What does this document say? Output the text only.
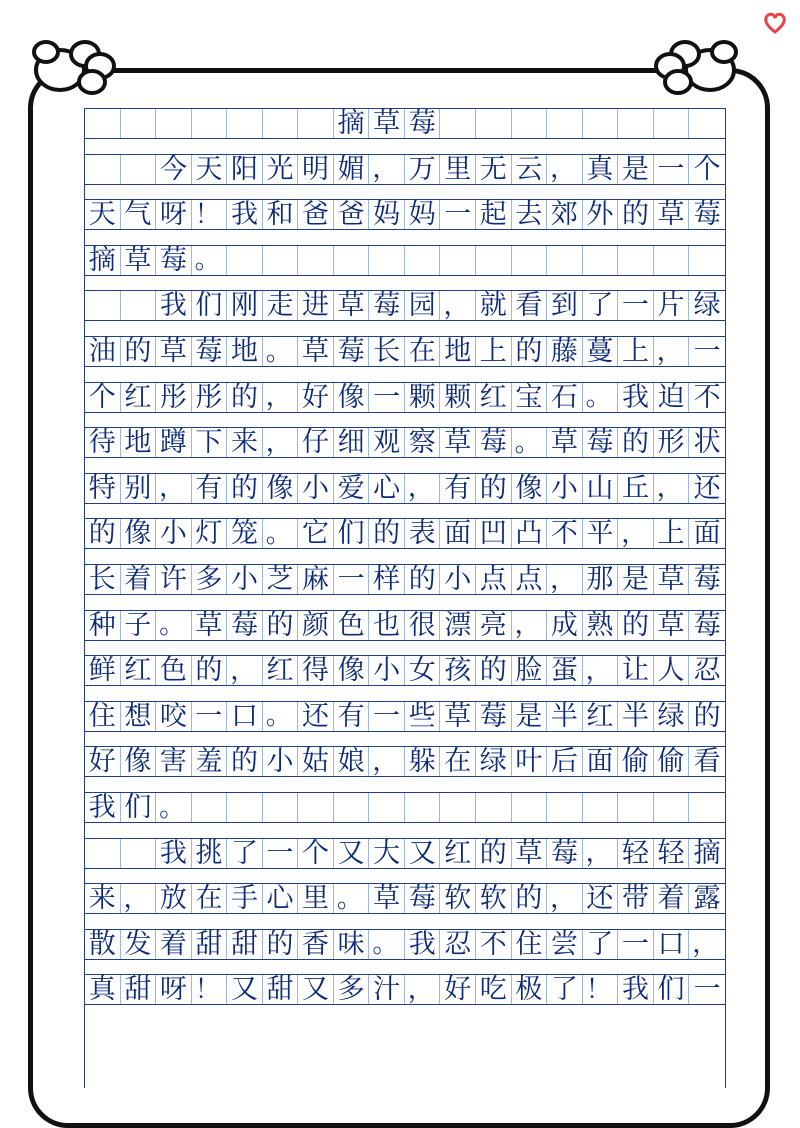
摘 草 莓
今 天 阳 光 明 媚 ， 万 里 无 云 ， 真 是 一 个
天 气 呀 ！ 我 和 爸 爸 妈 妈 一 起 去 郊 外 的 草 莓
摘 草 莓 。
我 们 刚 走 进 草 莓 园 ， 就 看 到 了 一 片 绿
油 的 草 莓 地 。 草 莓 长 在 地 上 的 藤 蔓 上 ， 一
个 红 彤 彤 的 ， 好 像 一 颗 颗 红 宝 石 。 我 迫 不
待 地 蹲 下 来 ， 仔 细 观 察 草 莓 。 草 莓 的 形 状
特 别 ， 有 的 像 小 爱 心 ， 有 的 像 小 山 丘 ， 还
的 像 小 灯 笼 。 它 们 的 表 面 凹 凸 不 平 ， 上 面
长 着 许 多 小 芝 麻 一 样 的 小 点 点 ， 那 是 草 莓
种 子 。 草 莓 的 颜 色 也 很 漂 亮 ， 成 熟 的 草 莓
鲜 红 色 的 ， 红 得 像 小 女 孩 的 脸 蛋 ， 让 人 忍
住 想 咬 一 口 。 还 有 一 些 草 莓 是 半 红 半 绿 的
好 像 害 羞 的 小 姑 娘 ， 躲 在 绿 叶 后 面 偷 偷 看
我 们 。
我 挑 了 一 个 又 大 又 红 的 草 莓 ， 轻 轻 摘
来 ， 放 在 手 心 里 。 草 莓 软 软 的 ， 还 带 着 露
散 发 着 甜 甜 的 香 味 。 我 忍 不 住 尝 了 一 口 ，
真 甜 呀 ！ 又 甜 又 多 汁 ， 好 吃 极 了 ！ 我 们 一
